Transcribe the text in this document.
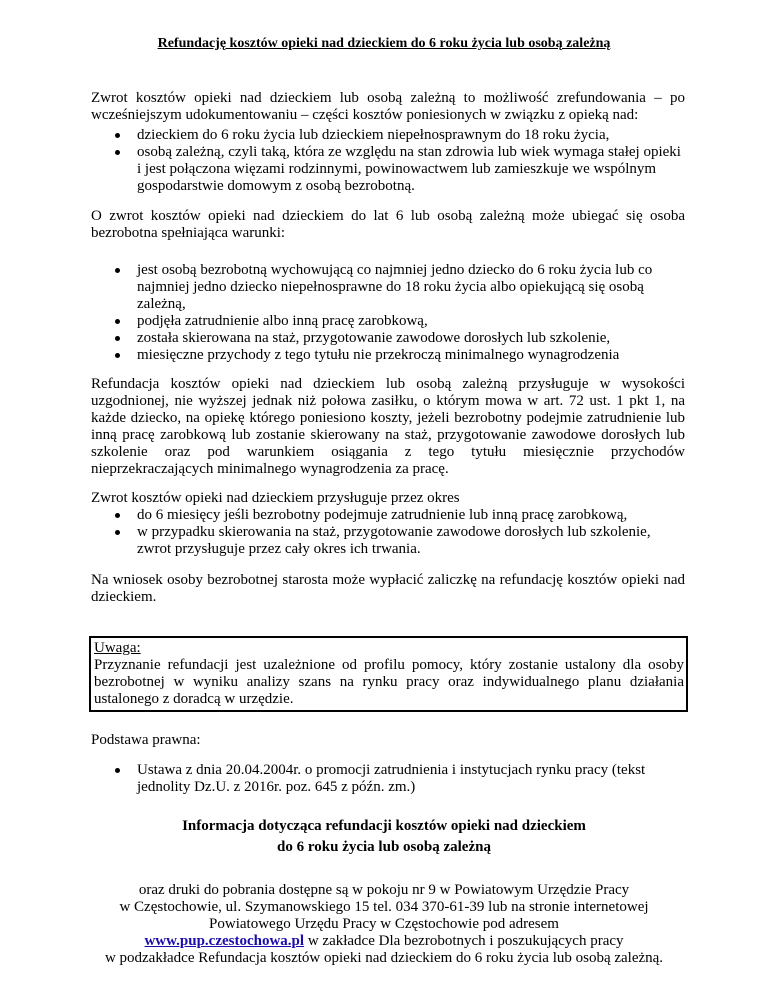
Refundację kosztów opieki nad dzieckiem do 6 roku życia lub osobą zależną

Zwrot kosztów opieki nad dzieckiem lub osobą zależną to możliwość zrefundowania – po wcześniejszym udokumentowaniu – części kosztów poniesionych w związku z opieką nad:

dzieckiem do 6 roku życia lub dzieckiem niepełnosprawnym do 18 roku życia,
osobą zależną, czyli taką, która ze względu na stan zdrowia lub wiek wymaga stałej opieki i jest połączona więzami rodzinnymi, powinowactwem lub zamieszkuje we wspólnym gospodarstwie domowym z osobą bezrobotną.

O zwrot kosztów opieki nad dzieckiem do lat 6 lub osobą zależną może ubiegać się osoba bezrobotna spełniająca warunki:

jest osobą bezrobotną wychowującą co najmniej jedno dziecko do 6 roku życia lub co najmniej jedno dziecko niepełnosprawne do 18 roku życia albo opiekującą się osobą zależną,
podjęła zatrudnienie albo inną pracę zarobkową,
została skierowana na staż, przygotowanie zawodowe dorosłych lub szkolenie,
miesięczne przychody z tego tytułu nie przekroczą minimalnego wynagrodzenia

Refundacja kosztów opieki nad dzieckiem lub osobą zależną przysługuje w wysokości uzgodnionej, nie wyższej jednak niż połowa zasiłku, o którym mowa w art. 72 ust. 1 pkt 1, na każde dziecko, na opiekę którego poniesiono koszty, jeżeli bezrobotny podejmie zatrudnienie lub inną pracę zarobkową lub zostanie skierowany na staż, przygotowanie zawodowe dorosłych lub szkolenie oraz pod warunkiem osiągania z tego tytułu miesięcznie przychodów nieprzekraczających minimalnego wynagrodzenia za pracę.

Zwrot kosztów opieki nad dzieckiem przysługuje przez okres

do 6 miesięcy jeśli bezrobotny podejmuje zatrudnienie lub inną pracę zarobkową,
w przypadku skierowania na staż, przygotowanie zawodowe dorosłych lub szkolenie, zwrot przysługuje przez cały okres ich trwania.

Na wniosek osoby bezrobotnej starosta może wypłacić zaliczkę na refundację kosztów opieki nad dzieckiem.

Uwaga:
Przyznanie refundacji jest uzależnione od profilu pomocy, który zostanie ustalony dla osoby bezrobotnej w wyniku analizy szans na rynku pracy oraz indywidualnego planu działania ustalonego z doradcą w urzędzie.

Podstawa prawna:

Ustawa z dnia 20.04.2004r. o promocji zatrudnienia i instytucjach rynku pracy (tekst jednolity Dz.U. z 2016r. poz. 645 z późn. zm.)

Informacja dotycząca refundacji kosztów opieki nad dzieckiem

do 6 roku życia lub osobą zależną

oraz druki do pobrania dostępne są w pokoju nr 9 w Powiatowym Urzędzie Pracy

w Częstochowie, ul. Szymanowskiego 15 tel. 034 370-61-39 lub na stronie internetowej

Powiatowego Urzędu Pracy w Częstochowie pod adresem

www.pup.czestochowa.pl w zakładce Dla bezrobotnych i poszukujących pracy

w podzakładce Refundacja kosztów opieki nad dzieckiem do 6 roku życia lub osobą zależną.
